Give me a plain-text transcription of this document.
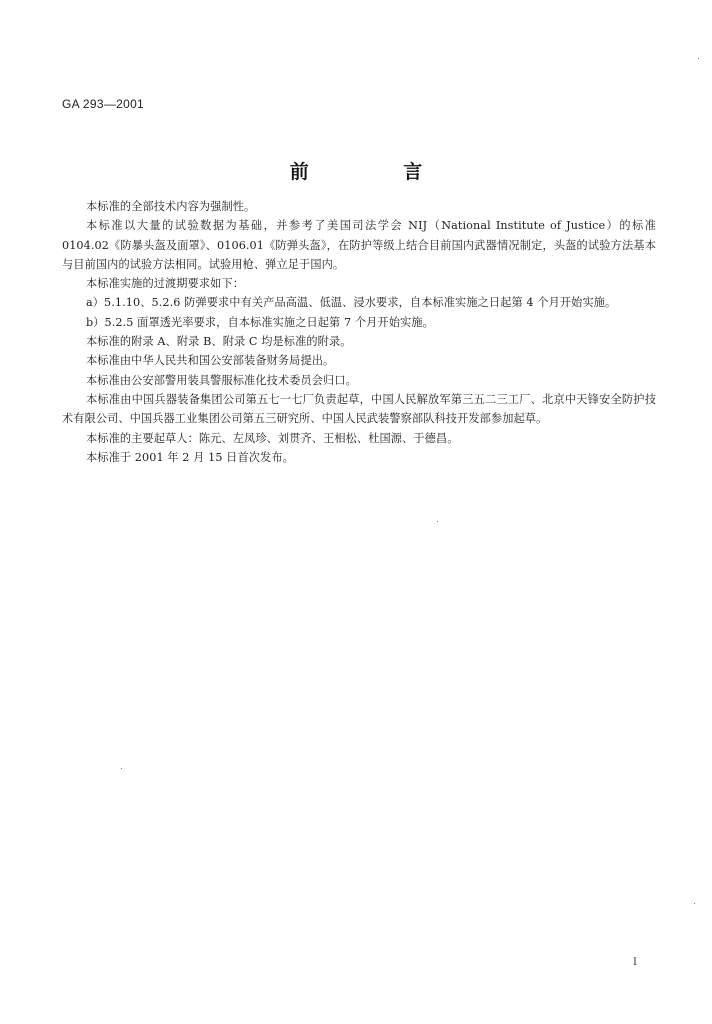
GA 293—2001
前 言

本标准的全部技术内容为强制性。

本标准以大量的试验数据为基础，并参考了美国司法学会 NIJ（National Institute of Justice）的标准 0104.02《防暴头盔及面罩》、0106.01《防弹头盔》，在防护等级上结合目前国内武器情况制定，头盔的试验方法基本与目前国内的试验方法相同。试验用枪、弹立足于国内。

本标准实施的过渡期要求如下：

a）5.1.10、5.2.6 防弹要求中有关产品高温、低温、浸水要求，自本标准实施之日起第 4 个月开始实施。

b）5.2.5 面罩透光率要求，自本标准实施之日起第 7 个月开始实施。

本标准的附录 A、附录 B、附录 C 均是标准的附录。

本标准由中华人民共和国公安部装备财务局提出。

本标准由公安部警用装具警服标准化技术委员会归口。

本标准由中国兵器装备集团公司第五七一七厂负责起草，中国人民解放军第三五二三工厂、北京中天锋安全防护技术有限公司、中国兵器工业集团公司第五三研究所、中国人民武装警察部队科技开发部参加起草。

本标准的主要起草人：陈元、左凤珍、刘贯齐、王相松、杜国源、于德昌。

本标准于 2001 年 2 月 15 日首次发布。

I
